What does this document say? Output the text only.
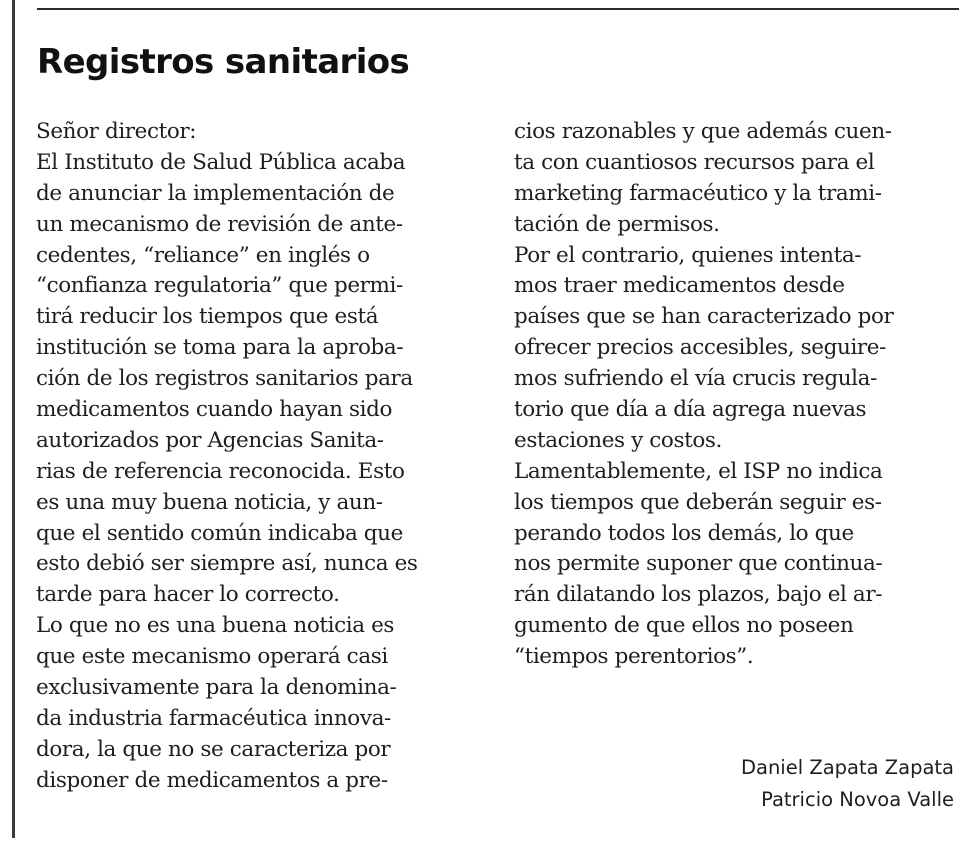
Registros sanitarios
Señor director:
El Instituto de Salud Pública acaba
de anunciar la implementación de
un mecanismo de revisión de ante-
cedentes, “reliance” en inglés o
“confianza regulatoria” que permi-
tirá reducir los tiempos que está
institución se toma para la aproba-
ción de los registros sanitarios para
medicamentos cuando hayan sido
autorizados por Agencias Sanita-
rias de referencia reconocida. Esto
es una muy buena noticia, y aun-
que el sentido común indicaba que
esto debió ser siempre así, nunca es
tarde para hacer lo correcto.
Lo que no es una buena noticia es
que este mecanismo operará casi
exclusivamente para la denomina-
da industria farmacéutica innova-
dora, la que no se caracteriza por
disponer de medicamentos a pre-
cios razonables y que además cuen-
ta con cuantiosos recursos para el
marketing farmacéutico y la trami-
tación de permisos.
Por el contrario, quienes intenta-
mos traer medicamentos desde
países que se han caracterizado por
ofrecer precios accesibles, seguire-
mos sufriendo el vía crucis regula-
torio que día a día agrega nuevas
estaciones y costos.
Lamentablemente, el ISP no indica
los tiempos que deberán seguir es-
perando todos los demás, lo que
nos permite suponer que continua-
rán dilatando los plazos, bajo el ar-
gumento de que ellos no poseen
“tiempos perentorios”.
Daniel Zapata Zapata
Patricio Novoa Valle
